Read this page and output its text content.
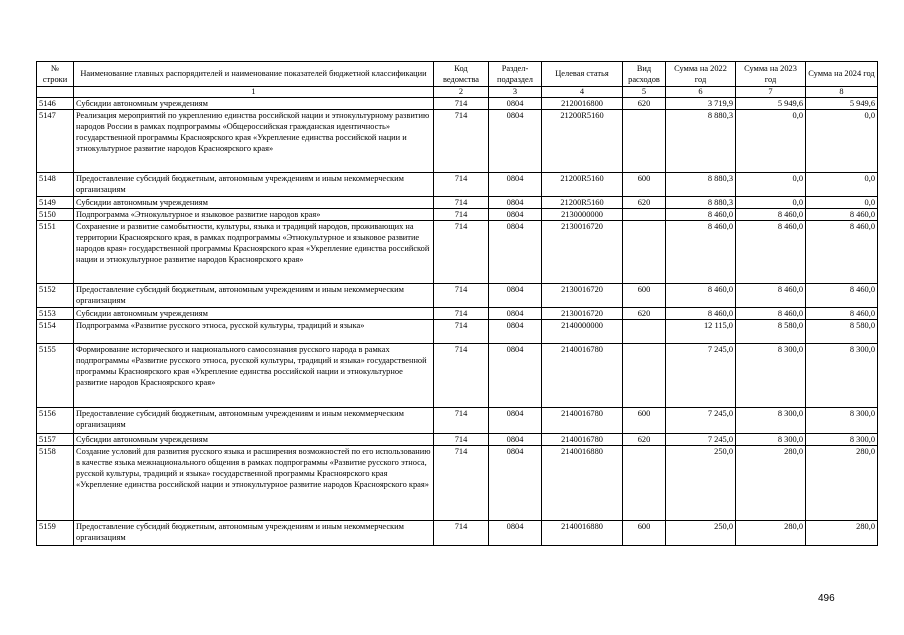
№ строки	Наименование главных распорядителей и наименование показателей бюджетной классификации	Код ведомства	Раздел-подраздел	Целевая статья	Вид расходов	Сумма на 2022 год	Сумма на 2023 год	Сумма на 2024 год
	1	2	3	4	5	6	7	8
5146	Субсидии автономным учреждениям	714	0804	2120016800	620	3 719,9	5 949,6	5 949,6
5147	Реализация мероприятий по укреплению единства российской нации и этнокультурному развитию народов России в рамках подпрограммы «Общероссийская гражданская идентичность» государственной программы Красноярского края «Укрепление единства российской нации и этнокультурное развитие народов Красноярского края»	714	0804	21200R5160		8 880,3	0,0	0,0
5148	Предоставление субсидий бюджетным, автономным учреждениям и иным некоммерческим организациям	714	0804	21200R5160	600	8 880,3	0,0	0,0
5149	Субсидии автономным учреждениям	714	0804	21200R5160	620	8 880,3	0,0	0,0
5150	Подпрограмма «Этнокультурное и языковое развитие народов края»	714	0804	2130000000		8 460,0	8 460,0	8 460,0
5151	Сохранение и развитие самобытности, культуры, языка и традиций народов, проживающих на территории Красноярского края, в рамках подпрограммы «Этнокультурное и языковое развитие народов края» государственной программы Красноярского края «Укрепление единства российской нации и этнокультурное развитие народов Красноярского края»	714	0804	2130016720		8 460,0	8 460,0	8 460,0
5152	Предоставление субсидий бюджетным, автономным учреждениям и иным некоммерческим организациям	714	0804	2130016720	600	8 460,0	8 460,0	8 460,0
5153	Субсидии автономным учреждениям	714	0804	2130016720	620	8 460,0	8 460,0	8 460,0
5154	Подпрограмма «Развитие русского этноса, русской культуры, традиций и языка»	714	0804	2140000000		12 115,0	8 580,0	8 580,0
5155	Формирование исторического и национального самосознания русского народа в рамках подпрограммы «Развитие русского этноса, русской культуры, традиций и языка» государственной программы Красноярского края «Укрепление единства российской нации и этнокультурное развитие народов Красноярского края»	714	0804	2140016780		7 245,0	8 300,0	8 300,0
5156	Предоставление субсидий бюджетным, автономным учреждениям и иным некоммерческим организациям	714	0804	2140016780	600	7 245,0	8 300,0	8 300,0
5157	Субсидии автономным учреждениям	714	0804	2140016780	620	7 245,0	8 300,0	8 300,0
5158	Создание условий для развития русского языка и расширения возможностей по его использованию в качестве языка межнационального общения в рамках подпрограммы «Развитие русского этноса, русской культуры, традиций и языка» государственной программы Красноярского края «Укрепление единства российской нации и этнокультурное развитие народов Красноярского края»	714	0804	2140016880		250,0	280,0	280,0
5159	Предоставление субсидий бюджетным, автономным учреждениям и иным некоммерческим организациям	714	0804	2140016880	600	250,0	280,0	280,0
496
